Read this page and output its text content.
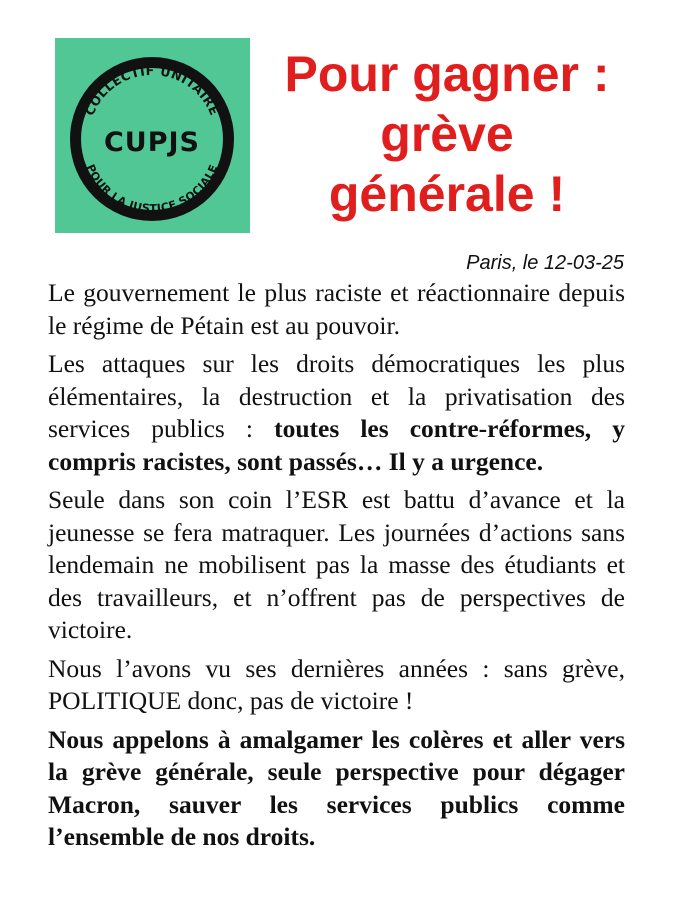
COLLECTIF UNITAIRE
CUPJS
POUR LA JUSTICE SOCIALE
Pour gagner :
grève
générale !
Paris, le 12-03-25

Le gouvernement le plus raciste et réactionnaire depuis le régime de Pétain est au pouvoir.

Les attaques sur les droits démocratiques les plus élémentaires, la destruction et la privatisation des services publics : toutes les contre-réformes, y compris racistes, sont passés… Il y a urgence.

Seule dans son coin l’ESR est battu d’avance et la jeunesse se fera matraquer. Les journées d’actions sans lendemain ne mobilisent pas la masse des étudiants et des travailleurs, et n’offrent pas de perspectives de victoire.

Nous l’avons vu ses dernières années : sans grève, POLITIQUE donc, pas de victoire !

Nous appelons à amalgamer les colères et aller vers la grève générale, seule perspective pour dégager Macron, sauver les services publics comme l’ensemble de nos droits.
